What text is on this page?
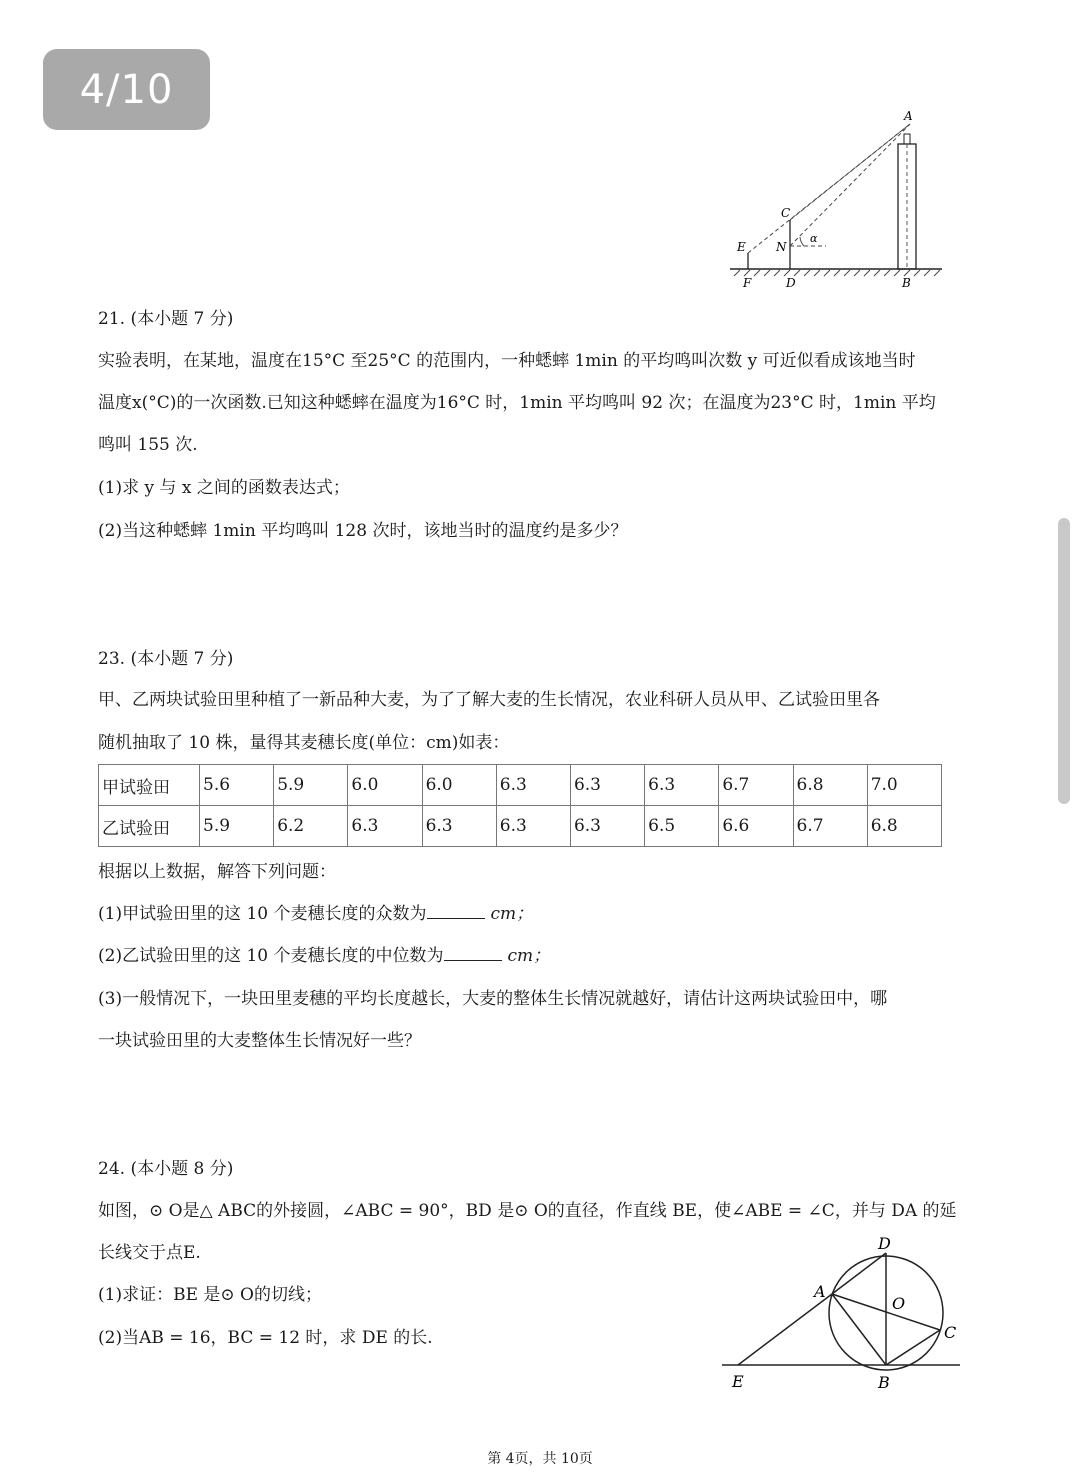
4/10
A
B
C
D
E
F
N
α
21. (本小题 7 分)
实验表明，在某地，温度在15°C 至25°C 的范围内，一种蟋蟀 1min 的平均鸣叫次数 y 可近似看成该地当时
温度x(°C)的一次函数.已知这种蟋蟀在温度为16°C 时，1min 平均鸣叫 92 次；在温度为23°C 时，1min 平均
鸣叫 155 次.
(1)求 y 与 x 之间的函数表达式；
(2)当这种蟋蟀 1min 平均鸣叫 128 次时，该地当时的温度约是多少？
23. (本小题 7 分)
甲、乙两块试验田里种植了一新品种大麦，为了了解大麦的生长情况，农业科研人员从甲、乙试验田里各
随机抽取了 10 株，量得其麦穗长度(单位：cm)如表：
甲试验田	5.6	5.9	6.0	6.0	6.3	6.3	6.3	6.7	6.8	7.0
乙试验田	5.9	6.2	6.3	6.3	6.3	6.3	6.5	6.6	6.7	6.8
根据以上数据，解答下列问题：
(1)甲试验田里的这 10 个麦穗长度的众数为	cm；
(2)乙试验田里的这 10 个麦穗长度的中位数为	cm；
(3)一般情况下，一块田里麦穗的平均长度越长，大麦的整体生长情况就越好，请估计这两块试验田中，哪
一块试验田里的大麦整体生长情况好一些？
24. (本小题 8 分)
如图，⊙ O是△ ABC的外接圆，∠ABC = 90°，BD 是⊙ O的直径，作直线 BE，使∠ABE = ∠C，并与 DA 的延
长线交于点E.
(1)求证：BE 是⊙ O的切线；
(2)当AB = 16，BC = 12 时，求 DE 的长.
D
A
O
C
E	B
第 4页，共 10页
